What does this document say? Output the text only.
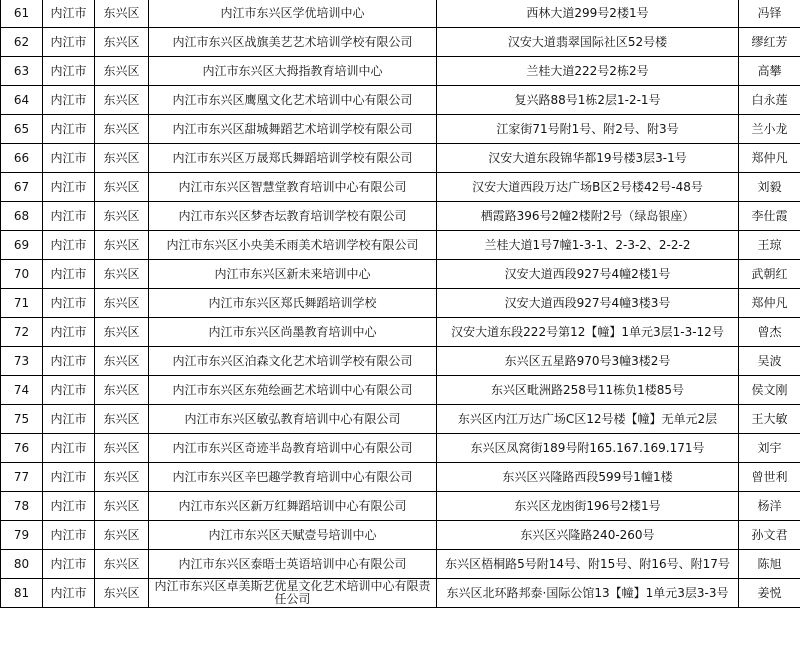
61	内江市	东兴区	内江市东兴区学优培训中心	西林大道299号2楼1号	冯铎
62	内江市	东兴区	内江市东兴区战旗美艺艺术培训学校有限公司	汉安大道翡翠国际社区52号楼	缪红芳
63	内江市	东兴区	内江市东兴区大拇指教育培训中心	兰桂大道222号2栋2号	高攀
64	内江市	东兴区	内江市东兴区鹰凰文化艺术培训中心有限公司	复兴路88号1栋2层1-2-1号	白永莲
65	内江市	东兴区	内江市东兴区甜城舞蹈艺术培训学校有限公司	江家街71号附1号、附2号、附3号	兰小龙
66	内江市	东兴区	内江市东兴区万晟郑氏舞蹈培训学校有限公司	汉安大道东段锦华都19号楼3层3-1号	郑仲凡
67	内江市	东兴区	内江市东兴区智慧堂教育培训中心有限公司	汉安大道西段万达广场B区2号楼42号-48号	刘毅
68	内江市	东兴区	内江市东兴区梦杏坛教育培训学校有限公司	栖霞路396号2幢2楼附2号（绿岛银座）	李仕霞
69	内江市	东兴区	内江市东兴区小央美禾雨美术培训学校有限公司	兰桂大道1号7幢1-3-1、2-3-2、2-2-2	王琼
70	内江市	东兴区	内江市东兴区新未来培训中心	汉安大道西段927号4幢2楼1号	武朝红
71	内江市	东兴区	内江市东兴区郑氏舞蹈培训学校	汉安大道西段927号4幢3楼3号	郑仲凡
72	内江市	东兴区	内江市东兴区尚墨教育培训中心	汉安大道东段222号第12【幢】1单元3层1-3-12号	曾杰
73	内江市	东兴区	内江市东兴区泊森文化艺术培训学校有限公司	东兴区五星路970号3幢3楼2号	吴波
74	内江市	东兴区	内江市东兴区东苑绘画艺术培训中心有限公司	东兴区毗洲路258号11栋负1楼85号	侯文刚
75	内江市	东兴区	内江市东兴区敏弘教育培训中心有限公司	东兴区内江万达广场C区12号楼【幢】无单元2层	王大敏
76	内江市	东兴区	内江市东兴区奇迹半岛教育培训中心有限公司	东兴区凤窝街189号附165.167.169.171号	刘宇
77	内江市	东兴区	内江市东兴区辛巴趣学教育培训中心有限公司	东兴区兴隆路西段599号1幢1楼	曾世利
78	内江市	东兴区	内江市东兴区新万红舞蹈培训中心有限公司	东兴区龙凼街196号2楼1号	杨洋
79	内江市	东兴区	内江市东兴区天赋壹号培训中心	东兴区兴隆路240-260号	孙文君
80	内江市	东兴区	内江市东兴区泰晤士英语培训中心有限公司	东兴区梧桐路5号附14号、附15号、附16号、附17号	陈旭
81	内江市	东兴区	内江市东兴区卓美斯艺优星文化艺术培训中心有限责任公司	东兴区北环路邦泰·国际公馆13【幢】1单元3层3-3号	姜悦
